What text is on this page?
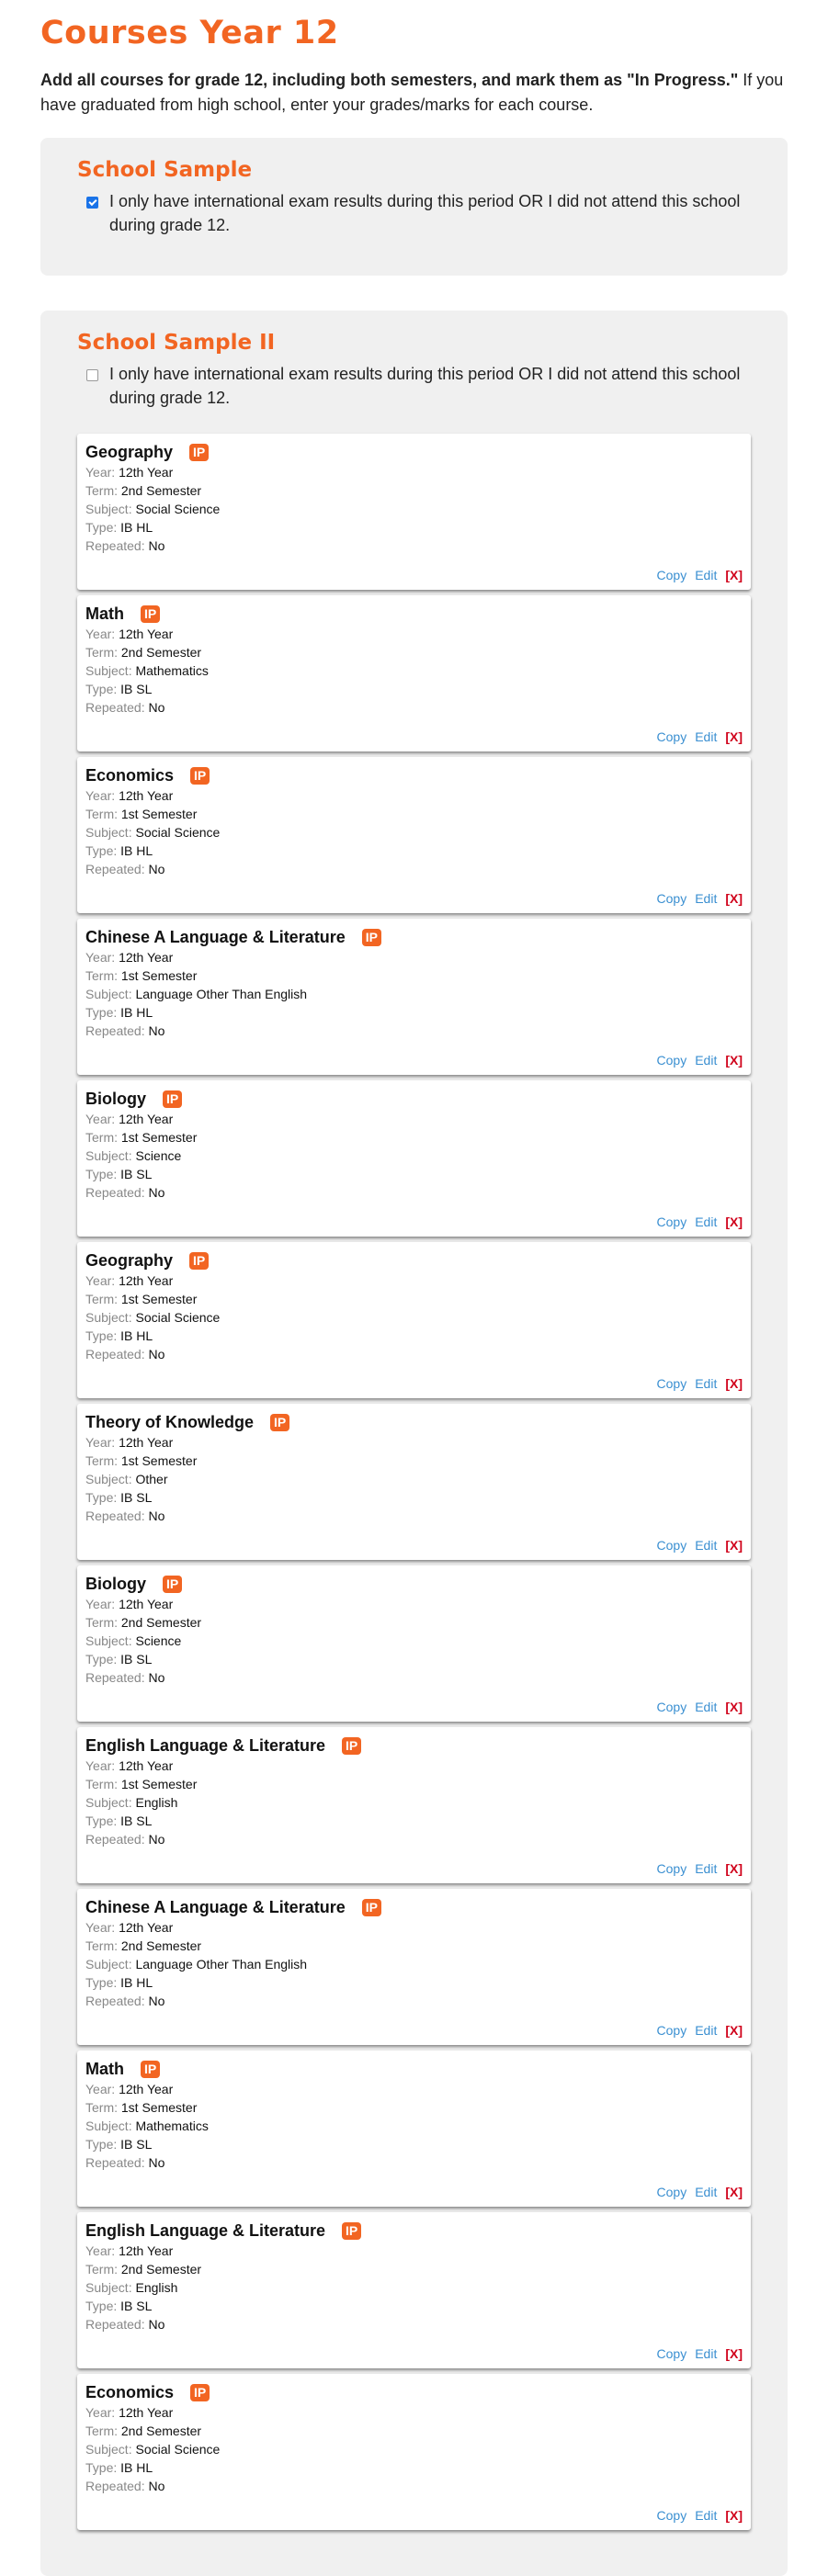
Courses Year 12

Add all courses for grade 12, including both semesters, and mark them as "In Progress." If you have graduated from high school, enter your grades/marks for each course.

School Sample
I only have international exam results during this period OR I did not attend this school during grade 12.
School Sample II
I only have international exam results during this period OR I did not attend this school during grade 12.
Geography IP
Year: 12th Year
Term: 2nd Semester
Subject: Social Science
Type: IB HL
Repeated: No
Copy Edit [X]
Math IP
Year: 12th Year
Term: 2nd Semester
Subject: Mathematics
Type: IB SL
Repeated: No
Copy Edit [X]
Economics IP
Year: 12th Year
Term: 1st Semester
Subject: Social Science
Type: IB HL
Repeated: No
Copy Edit [X]
Chinese A Language & Literature IP
Year: 12th Year
Term: 1st Semester
Subject: Language Other Than English
Type: IB HL
Repeated: No
Copy Edit [X]
Biology IP
Year: 12th Year
Term: 1st Semester
Subject: Science
Type: IB SL
Repeated: No
Copy Edit [X]
Geography IP
Year: 12th Year
Term: 1st Semester
Subject: Social Science
Type: IB HL
Repeated: No
Copy Edit [X]
Theory of Knowledge IP
Year: 12th Year
Term: 1st Semester
Subject: Other
Type: IB SL
Repeated: No
Copy Edit [X]
Biology IP
Year: 12th Year
Term: 2nd Semester
Subject: Science
Type: IB SL
Repeated: No
Copy Edit [X]
English Language & Literature IP
Year: 12th Year
Term: 1st Semester
Subject: English
Type: IB SL
Repeated: No
Copy Edit [X]
Chinese A Language & Literature IP
Year: 12th Year
Term: 2nd Semester
Subject: Language Other Than English
Type: IB HL
Repeated: No
Copy Edit [X]
Math IP
Year: 12th Year
Term: 1st Semester
Subject: Mathematics
Type: IB SL
Repeated: No
Copy Edit [X]
English Language & Literature IP
Year: 12th Year
Term: 2nd Semester
Subject: English
Type: IB SL
Repeated: No
Copy Edit [X]
Economics IP
Year: 12th Year
Term: 2nd Semester
Subject: Social Science
Type: IB HL
Repeated: No
Copy Edit [X]
